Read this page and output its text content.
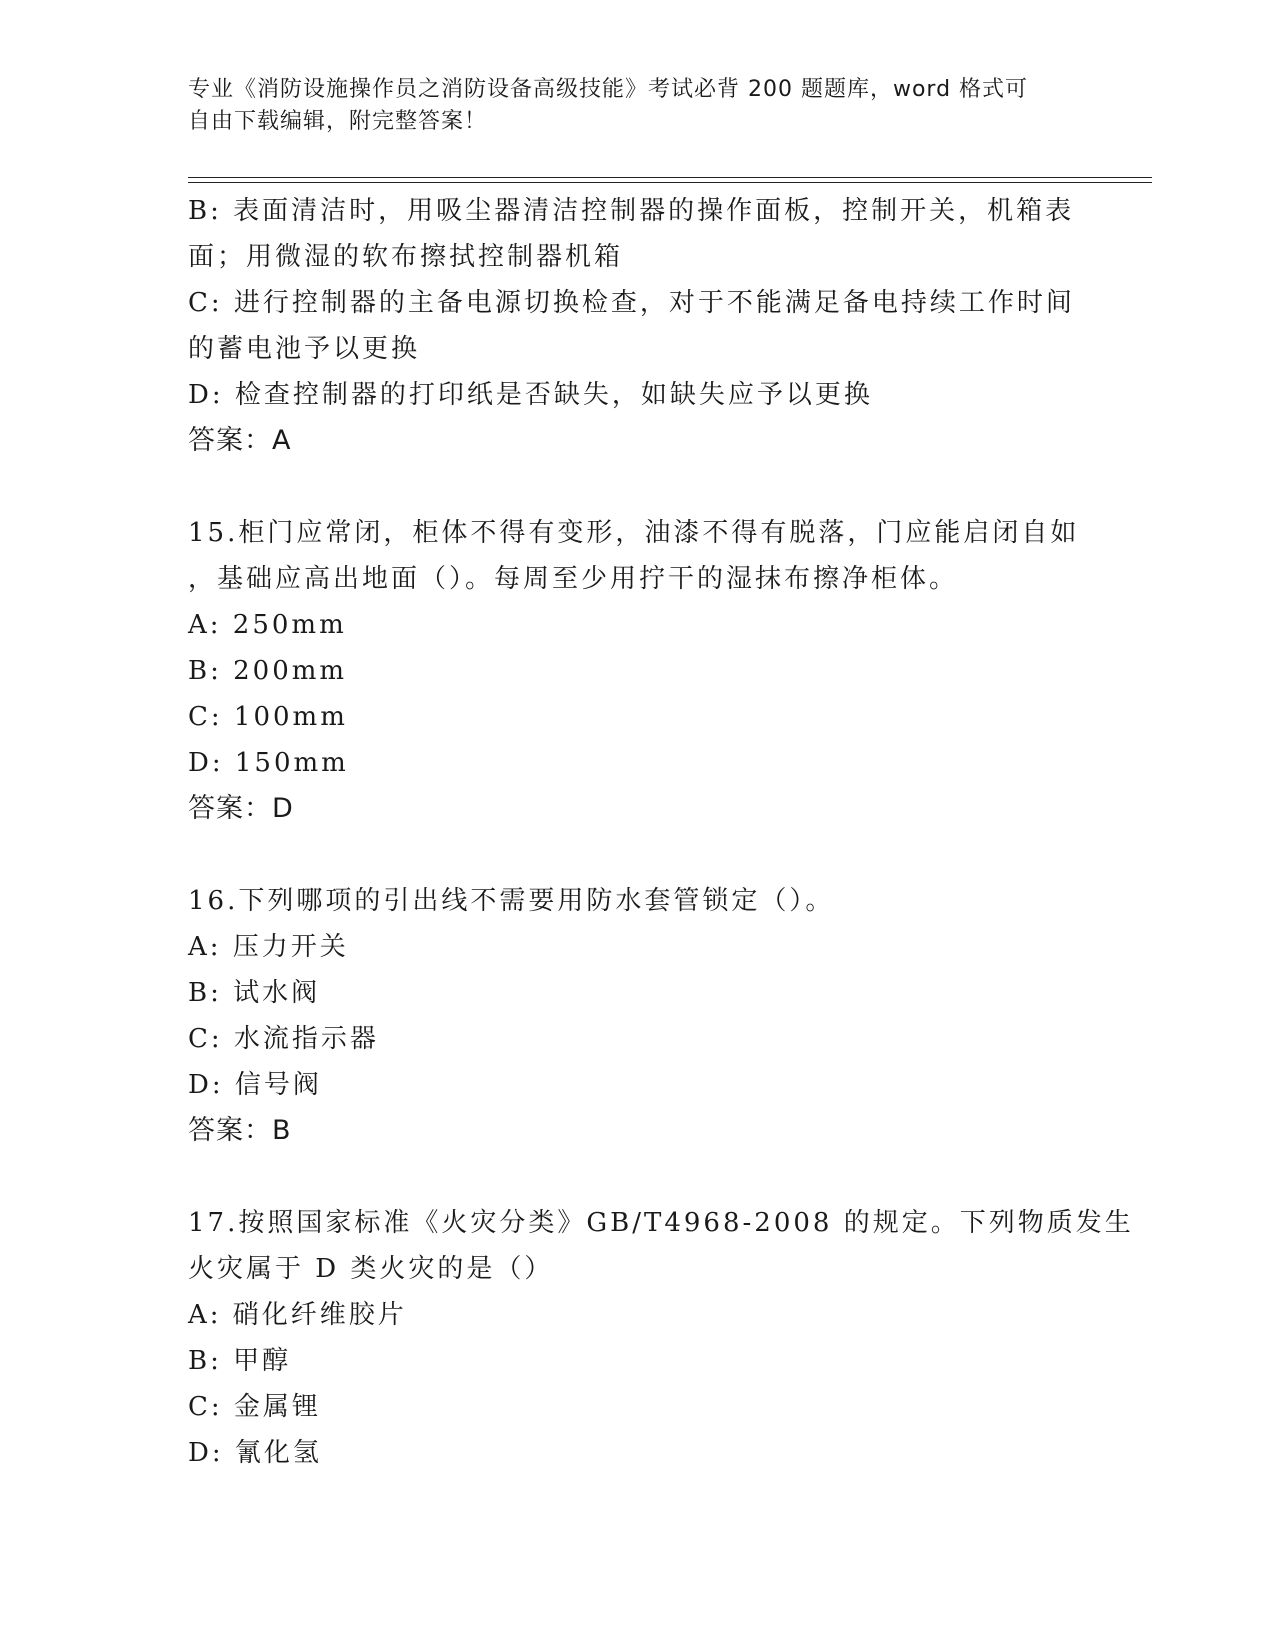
专业《消防设施操作员之消防设备高级技能》考试必背 200 题题库，word 格式可
自由下载编辑，附完整答案！
B: 表面清洁时，用吸尘器清洁控制器的操作面板，控制开关，机箱表
面；用微湿的软布擦拭控制器机箱
C: 进行控制器的主备电源切换检查，对于不能满足备电持续工作时间
的蓄电池予以更换
D: 检查控制器的打印纸是否缺失，如缺失应予以更换
答案：A
15.柜门应常闭，柜体不得有变形，油漆不得有脱落，门应能启闭自如
，基础应高出地面（）。每周至少用拧干的湿抹布擦净柜体。
A: 250mm
B: 200mm
C: 100mm
D: 150mm
答案：D
16.下列哪项的引出线不需要用防水套管锁定（）。
A: 压力开关
B: 试水阀
C: 水流指示器
D: 信号阀
答案：B
17.按照国家标准《火灾分类》GB/T4968-2008 的规定。下列物质发生
火灾属于 D 类火灾的是（）
A: 硝化纤维胶片
B: 甲醇
C: 金属锂
D: 氰化氢
